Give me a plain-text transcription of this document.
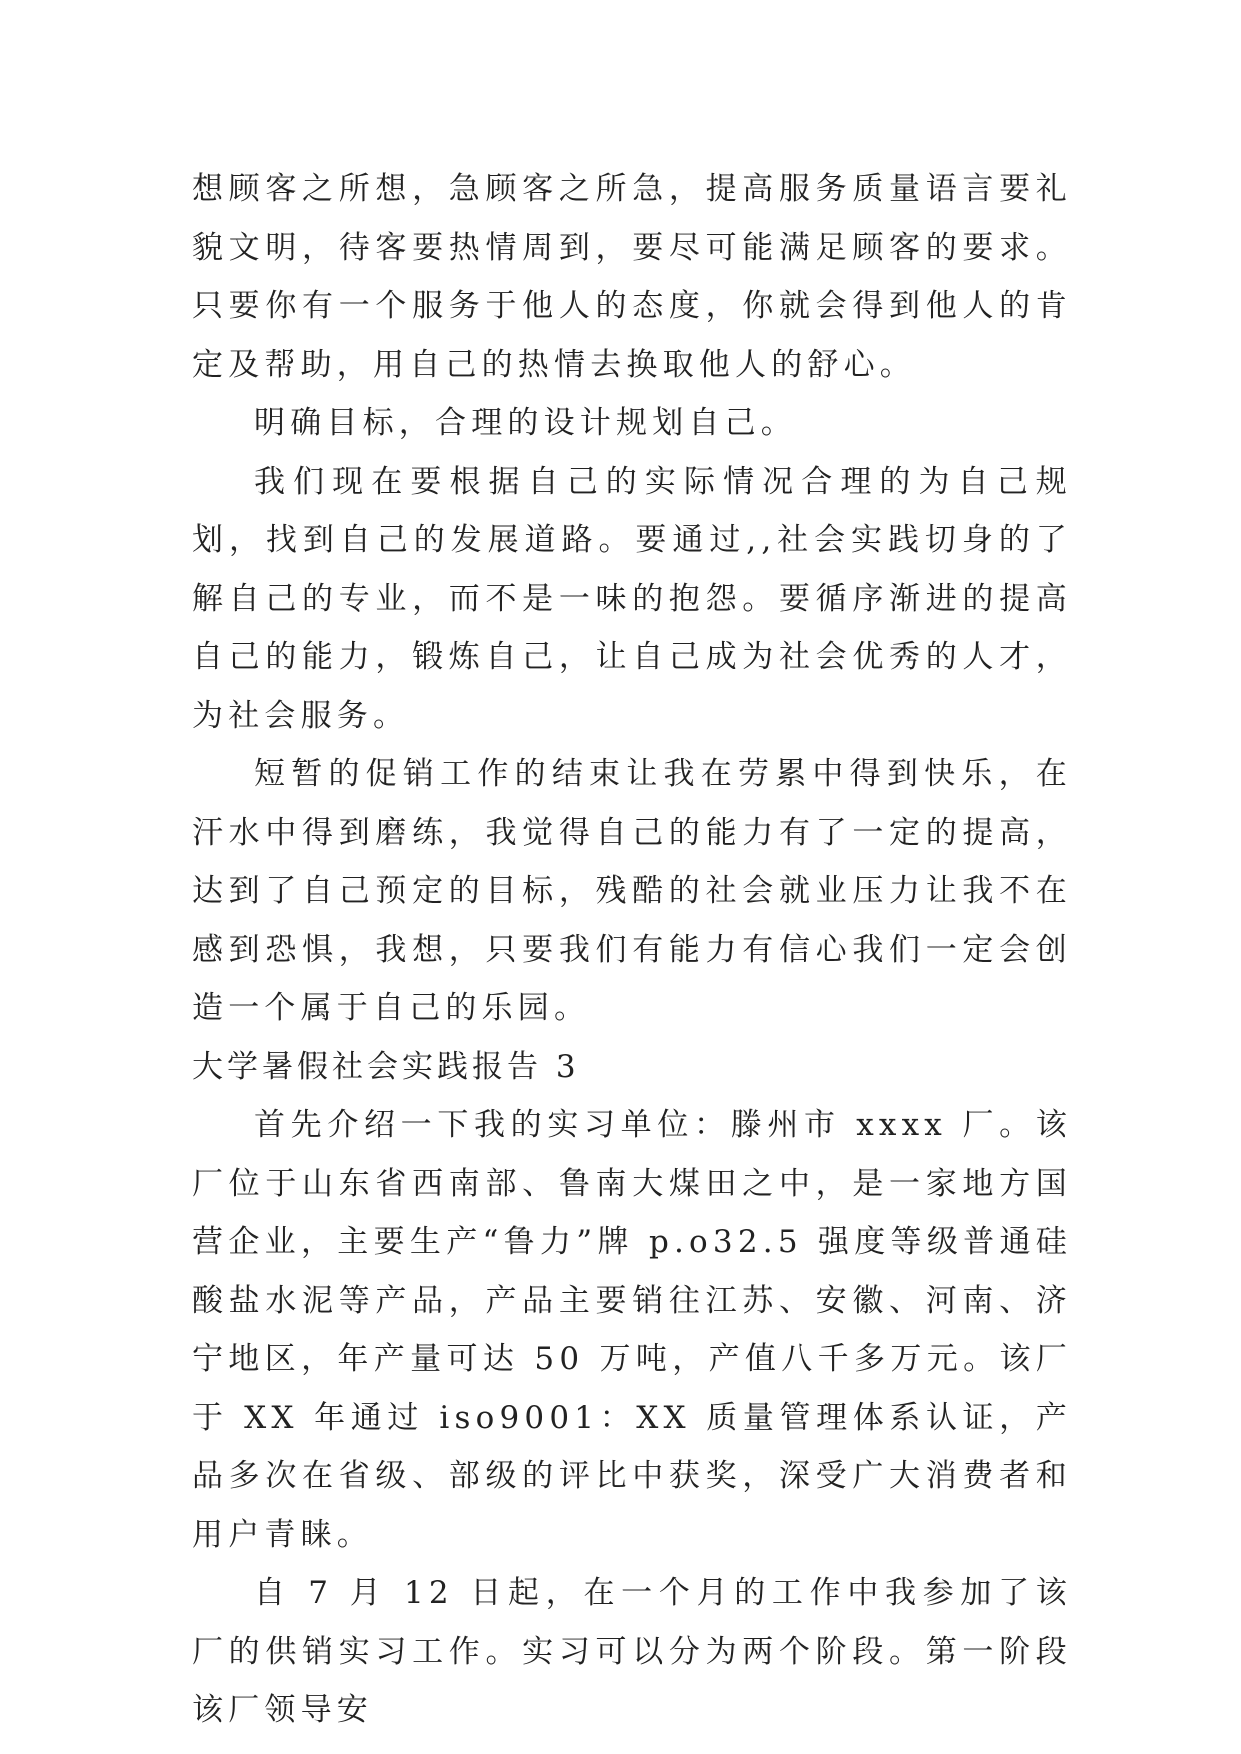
想顾客之所想，急顾客之所急，提高服务质量语言要礼貌文明，待客要热情周到，要尽可能满足顾客的要求。只要你有一个服务于他人的态度，你就会得到他人的肯定及帮助，用自己的热情去换取他人的舒心。

明确目标，合理的设计规划自己。

我们现在要根据自己的实际情况合理的为自己规划，找到自己的发展道路。要通过,,社会实践切身的了解自己的专业，而不是一味的抱怨。要循序渐进的提高自己的能力，锻炼自己，让自己成为社会优秀的人才，为社会服务。

短暂的促销工作的结束让我在劳累中得到快乐，在汗水中得到磨练，我觉得自己的能力有了一定的提高，达到了自己预定的目标，残酷的社会就业压力让我不在感到恐惧，我想，只要我们有能力有信心我们一定会创造一个属于自己的乐园。

大学暑假社会实践报告 3

首先介绍一下我的实习单位：滕州市 xxxx 厂。该厂位于山东省西南部、鲁南大煤田之中，是一家地方国营企业，主要生产“鲁力”牌 p.o32.5 强度等级普通硅酸盐水泥等产品，产品主要销往江苏、安徽、河南、济宁地区，年产量可达 50 万吨，产值八千多万元。该厂于 XX 年通过 iso9001：XX 质量管理体系认证，产品多次在省级、部级的评比中获奖，深受广大消费者和用户青睐。

自 7 月 12 日起，在一个月的工作中我参加了该厂的供销实习工作。实习可以分为两个阶段。第一阶段该厂领导安
